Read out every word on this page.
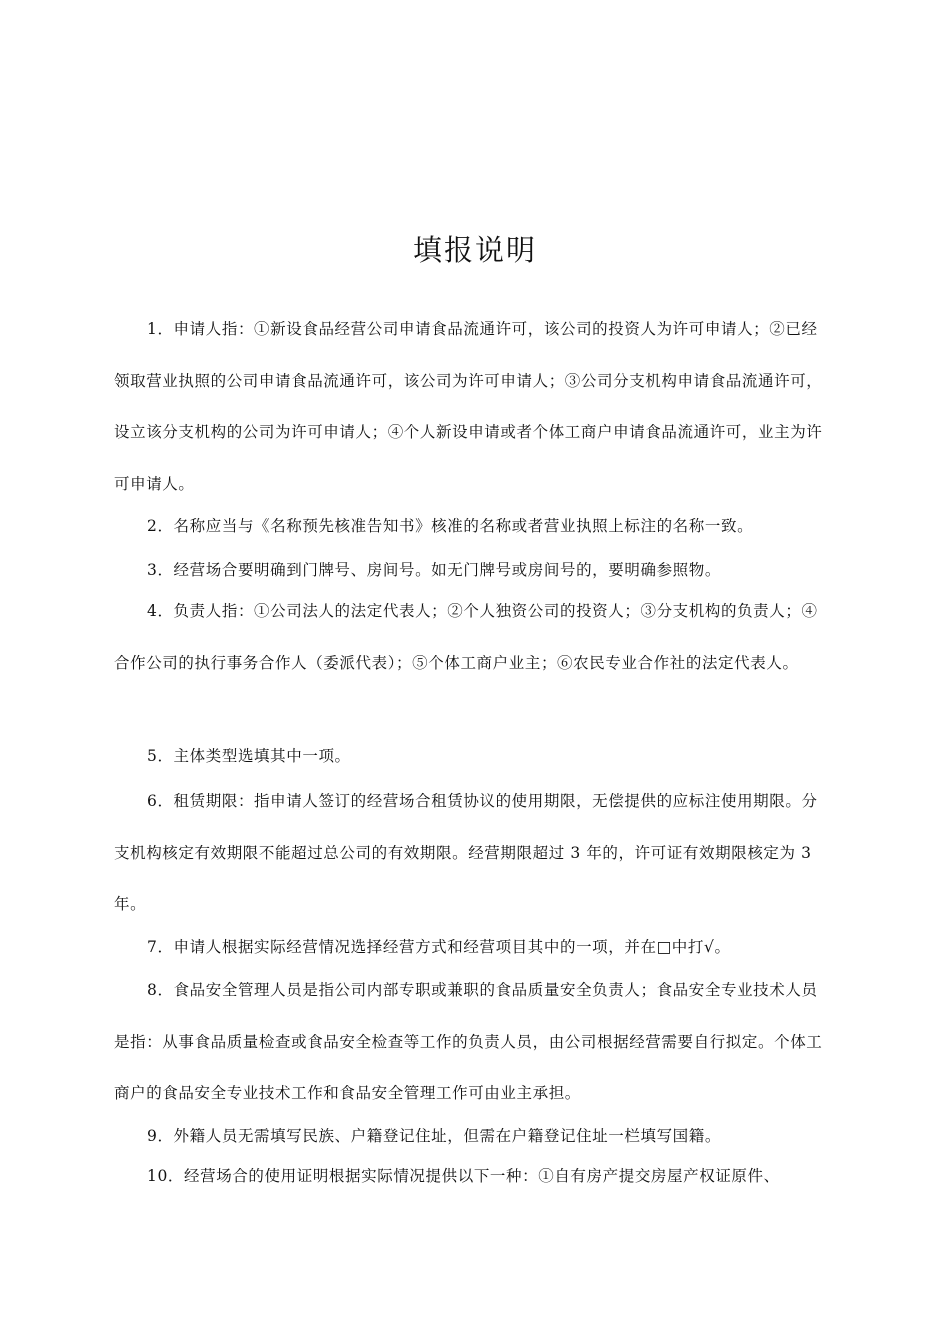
填报说明

1．申请人指：①新设食品经营公司申请食品流通许可，该公司的投资人为许可申请人；②已经领取营业执照的公司申请食品流通许可，该公司为许可申请人；③公司分支机构申请食品流通许可，设立该分支机构的公司为许可申请人；④个人新设申请或者个体工商户申请食品流通许可，业主为许可申请人。

2．名称应当与《名称预先核准告知书》核准的名称或者营业执照上标注的名称一致。

3．经营场合要明确到门牌号、房间号。如无门牌号或房间号的，要明确参照物。

4．负责人指：①公司法人的法定代表人；②个人独资公司的投资人；③分支机构的负责人；④合作公司的执行事务合作人（委派代表）；⑤个体工商户业主；⑥农民专业合作社的法定代表人。

5．主体类型选填其中一项。

6．租赁期限：指申请人签订的经营场合租赁协议的使用期限，无偿提供的应标注使用期限。分支机构核定有效期限不能超过总公司的有效期限。经营期限超过 3 年的，许可证有效期限核定为 3 年。

7．申请人根据实际经营情况选择经营方式和经营项目其中的一项，并在□中打√。

8．食品安全管理人员是指公司内部专职或兼职的食品质量安全负责人；食品安全专业技术人员是指：从事食品质量检查或食品安全检查等工作的负责人员，由公司根据经营需要自行拟定。个体工商户的食品安全专业技术工作和食品安全管理工作可由业主承担。

9．外籍人员无需填写民族、户籍登记住址，但需在户籍登记住址一栏填写国籍。

10．经营场合的使用证明根据实际情况提供以下一种：①自有房产提交房屋产权证原件、
